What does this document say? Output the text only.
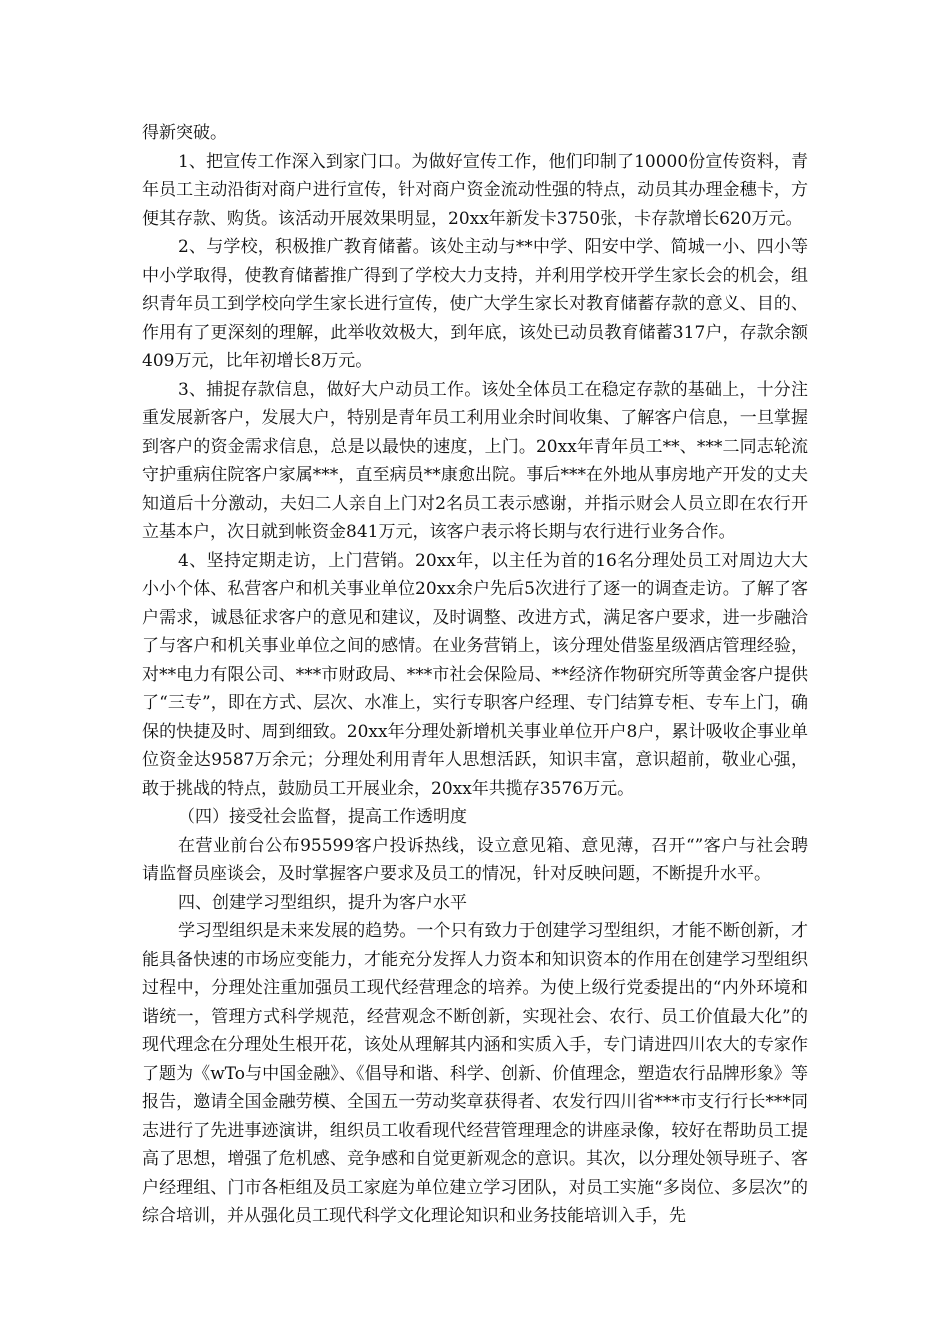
得新突破。

1、把宣传工作深入到家门口。为做好宣传工作，他们印制了10000份宣传资料，青年员工主动沿街对商户进行宣传，针对商户资金流动性强的特点，动员其办理金穗卡，方便其存款、购货。该活动开展效果明显，20xx年新发卡3750张，卡存款增长620万元。

2、与学校，积极推广教育储蓄。该处主动与**中学、阳安中学、简城一小、四小等中小学取得，使教育储蓄推广得到了学校大力支持，并利用学校开学生家长会的机会，组织青年员工到学校向学生家长进行宣传，使广大学生家长对教育储蓄存款的意义、目的、作用有了更深刻的理解，此举收效极大，到年底，该处已动员教育储蓄317户，存款余额409万元，比年初增长8万元。

3、捕捉存款信息，做好大户动员工作。该处全体员工在稳定存款的基础上，十分注重发展新客户，发展大户，特别是青年员工利用业余时间收集、了解客户信息，一旦掌握到客户的资金需求信息，总是以最快的速度，上门。20xx年青年员工**、***二同志轮流守护重病住院客户家属***，直至病员**康愈出院。事后***在外地从事房地产开发的丈夫知道后十分激动，夫妇二人亲自上门对2名员工表示感谢，并指示财会人员立即在农行开立基本户，次日就到帐资金841万元，该客户表示将长期与农行进行业务合作。

4、坚持定期走访，上门营销。20xx年，以主任为首的16名分理处员工对周边大大小小个体、私营客户和机关事业单位20xx余户先后5次进行了逐一的调查走访。了解了客户需求，诚恳征求客户的意见和建议，及时调整、改进方式，满足客户要求，进一步融洽了与客户和机关事业单位之间的感情。在业务营销上，该分理处借鉴星级酒店管理经验，对**电力有限公司、***市财政局、***市社会保险局、**经济作物研究所等黄金客户提供了“三专”，即在方式、层次、水准上，实行专职客户经理、专门结算专柜、专车上门，确保的快捷及时、周到细致。20xx年分理处新增机关事业单位开户8户，累计吸收企事业单位资金达9587万余元；分理处利用青年人思想活跃，知识丰富，意识超前，敬业心强，敢于挑战的特点，鼓励员工开展业余，20xx年共揽存3576万元。

（四）接受社会监督，提高工作透明度

在营业前台公布95599客户投诉热线，设立意见箱、意见薄，召开“”客户与社会聘请监督员座谈会，及时掌握客户要求及员工的情况，针对反映问题，不断提升水平。

四、创建学习型组织，提升为客户水平

学习型组织是未来发展的趋势。一个只有致力于创建学习型组织，才能不断创新，才能具备快速的市场应变能力，才能充分发挥人力资本和知识资本的作用在创建学习型组织过程中，分理处注重加强员工现代经营理念的培养。为使上级行党委提出的“内外环境和谐统一，管理方式科学规范，经营观念不断创新，实现社会、农行、员工价值最大化”的现代理念在分理处生根开花，该处从理解其内涵和实质入手，专门请进四川农大的专家作了题为《wTo与中国金融》、《倡导和谐、科学、创新、价值理念，塑造农行品牌形象》等报告，邀请全国金融劳模、全国五一劳动奖章获得者、农发行四川省***市支行行长***同志进行了先进事迹演讲，组织员工收看现代经营管理理念的讲座录像，较好在帮助员工提高了思想，增强了危机感、竞争感和自觉更新观念的意识。其次，以分理处领导班子、客户经理组、门市各柜组及员工家庭为单位建立学习团队，对员工实施“多岗位、多层次”的综合培训，并从强化员工现代科学文化理论知识和业务技能培训入手，先
